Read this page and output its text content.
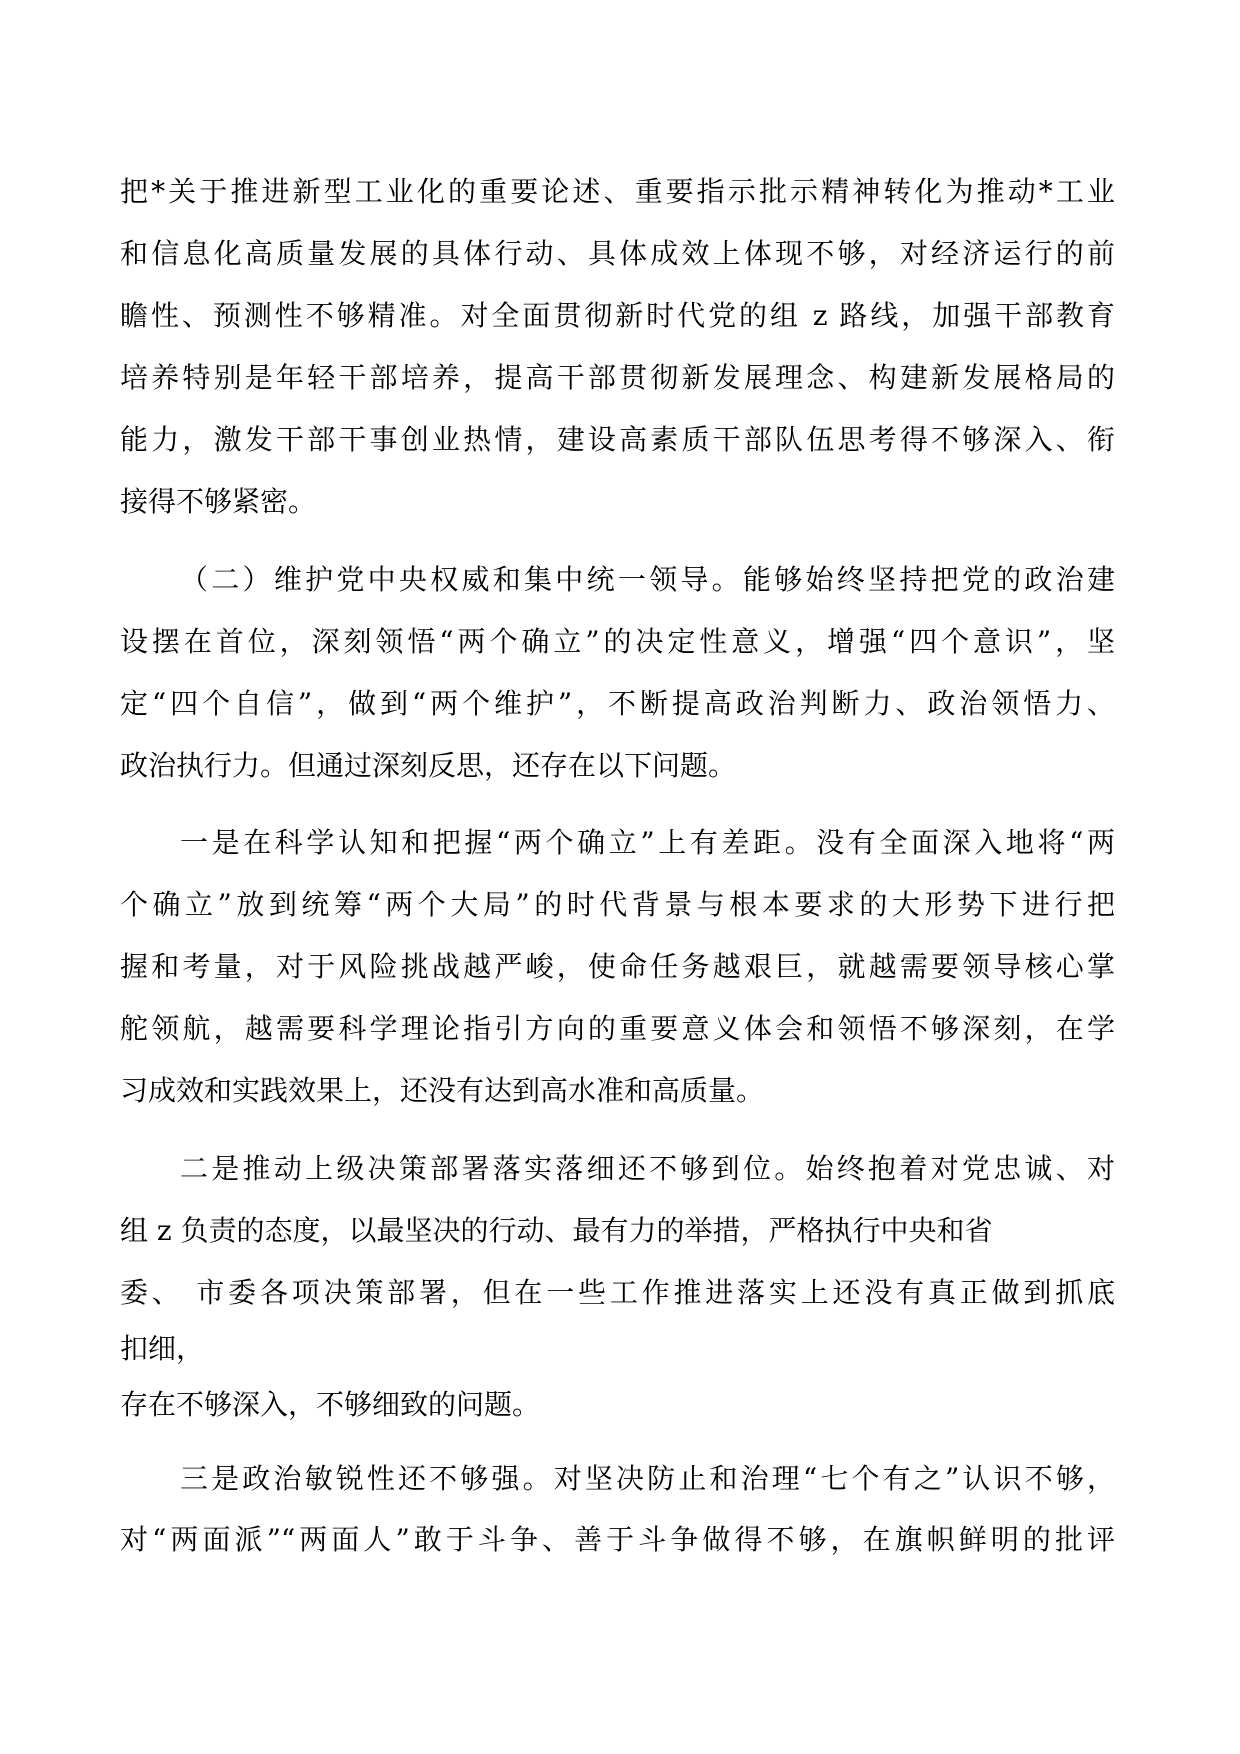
把*关于推进新型工业化的重要论述、重要指示批示精神转化为推动*工业
和信息化高质量发展的具体行动、具体成效上体现不够，对经济运行的前
瞻性、预测性不够精准。对全面贯彻新时代党的组 z 路线，加强干部教育
培养特别是年轻干部培养，提高干部贯彻新发展理念、构建新发展格局的
能力，激发干部干事创业热情，建设高素质干部队伍思考得不够深入、衔
接得不够紧密。
（二）维护党中央权威和集中统一领导。能够始终坚持把党的政治建
设摆在首位，深刻领悟“两个确立”的决定性意义，增强“四个意识”，坚
定“四个自信”，做到“两个维护”，不断提高政治判断力、政治领悟力、
政治执行力。但通过深刻反思，还存在以下问题。
一是在科学认知和把握“两个确立”上有差距。没有全面深入地将“两
个确立”放到统筹“两个大局”的时代背景与根本要求的大形势下进行把
握和考量，对于风险挑战越严峻，使命任务越艰巨，就越需要领导核心掌
舵领航，越需要科学理论指引方向的重要意义体会和领悟不够深刻，在学
习成效和实践效果上，还没有达到高水准和高质量。
二是推动上级决策部署落实落细还不够到位。始终抱着对党忠诚、对
组 z 负责的态度，以最坚决的行动、最有力的举措，严格执行中央和省
委、 市委各项决策部署，但在一些工作推进落实上还没有真正做到抓底
扣细，
存在不够深入，不够细致的问题。
三是政治敏锐性还不够强。对坚决防止和治理“七个有之”认识不够，
对“两面派”“两面人”敢于斗争、善于斗争做得不够，在旗帜鲜明的批评
